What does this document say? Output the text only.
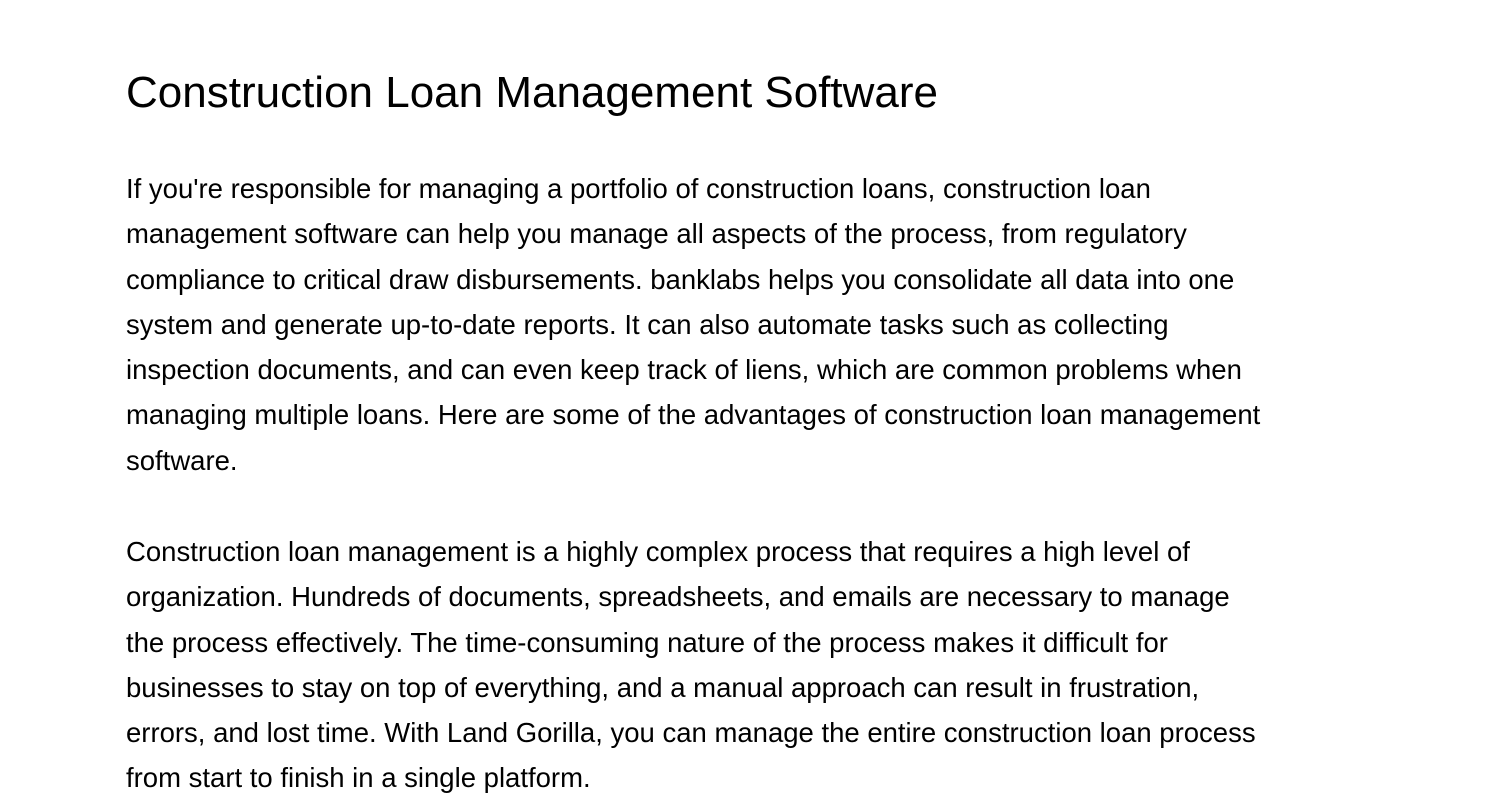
Construction Loan Management Software

If you're responsible for managing a portfolio of construction loans, construction loan
management software can help you manage all aspects of the process, from regulatory
compliance to critical draw disbursements. banklabs helps you consolidate all data into one
system and generate up-to-date reports. It can also automate tasks such as collecting
inspection documents, and can even keep track of liens, which are common problems when
managing multiple loans. Here are some of the advantages of construction loan management
software.

Construction loan management is a highly complex process that requires a high level of
organization. Hundreds of documents, spreadsheets, and emails are necessary to manage
the process effectively. The time-consuming nature of the process makes it difficult for
businesses to stay on top of everything, and a manual approach can result in frustration,
errors, and lost time. With Land Gorilla, you can manage the entire construction loan process
from start to finish in a single platform.
